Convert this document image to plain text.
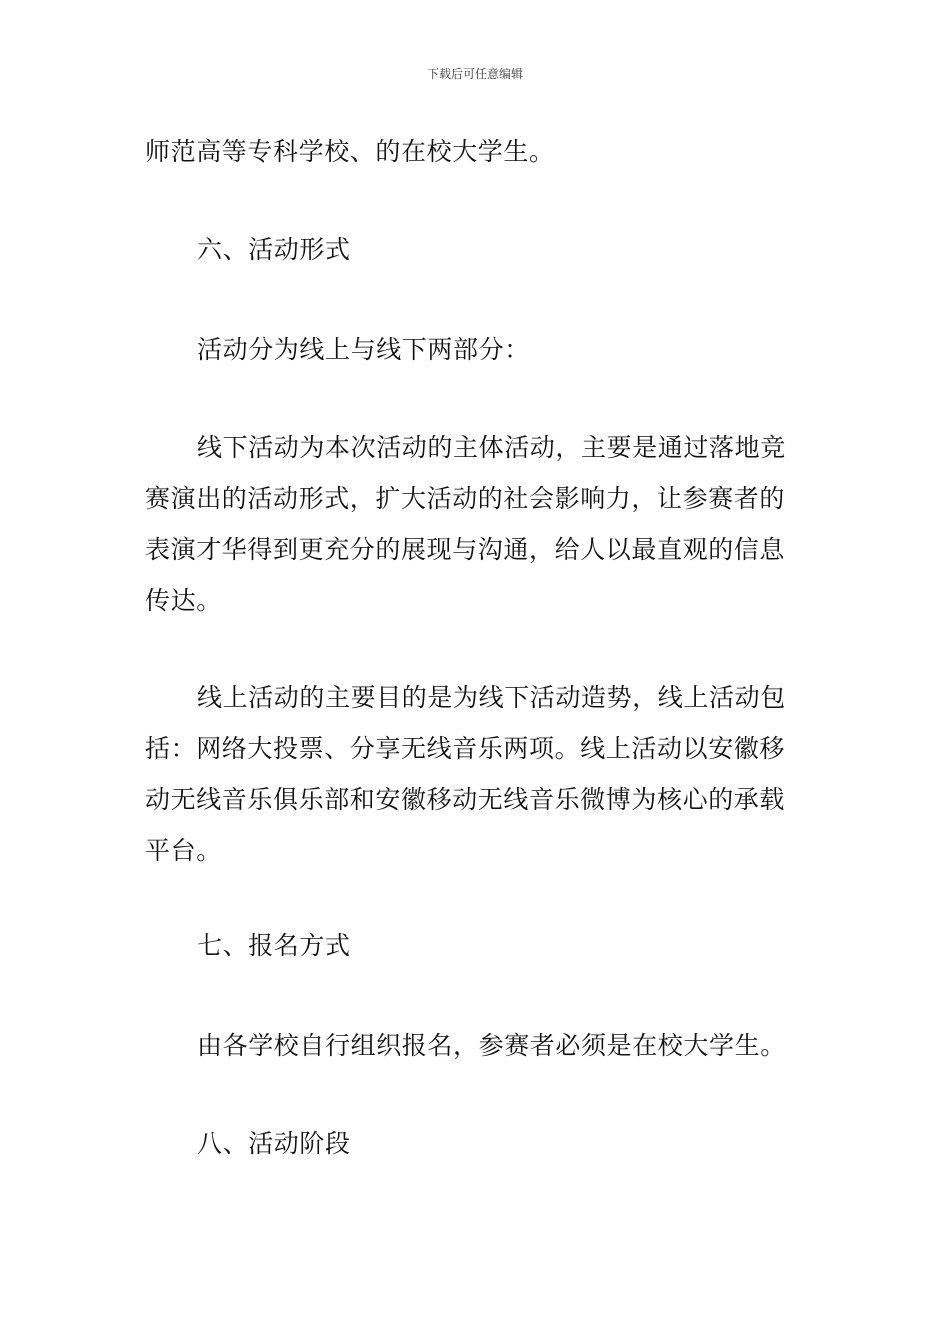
下载后可任意编辑

师范高等专科学校、的在校大学生。

六、活动形式

活动分为线上与线下两部分：

线下活动为本次活动的主体活动，主要是通过落地竞赛演出的活动形式，扩大活动的社会影响力，让参赛者的表演才华得到更充分的展现与沟通，给人以最直观的信息传达。

线上活动的主要目的是为线下活动造势，线上活动包括：网络大投票、分享无线音乐两项。线上活动以安徽移动无线音乐俱乐部和安徽移动无线音乐微博为核心的承载平台。

七、报名方式

由各学校自行组织报名，参赛者必须是在校大学生。

八、活动阶段
